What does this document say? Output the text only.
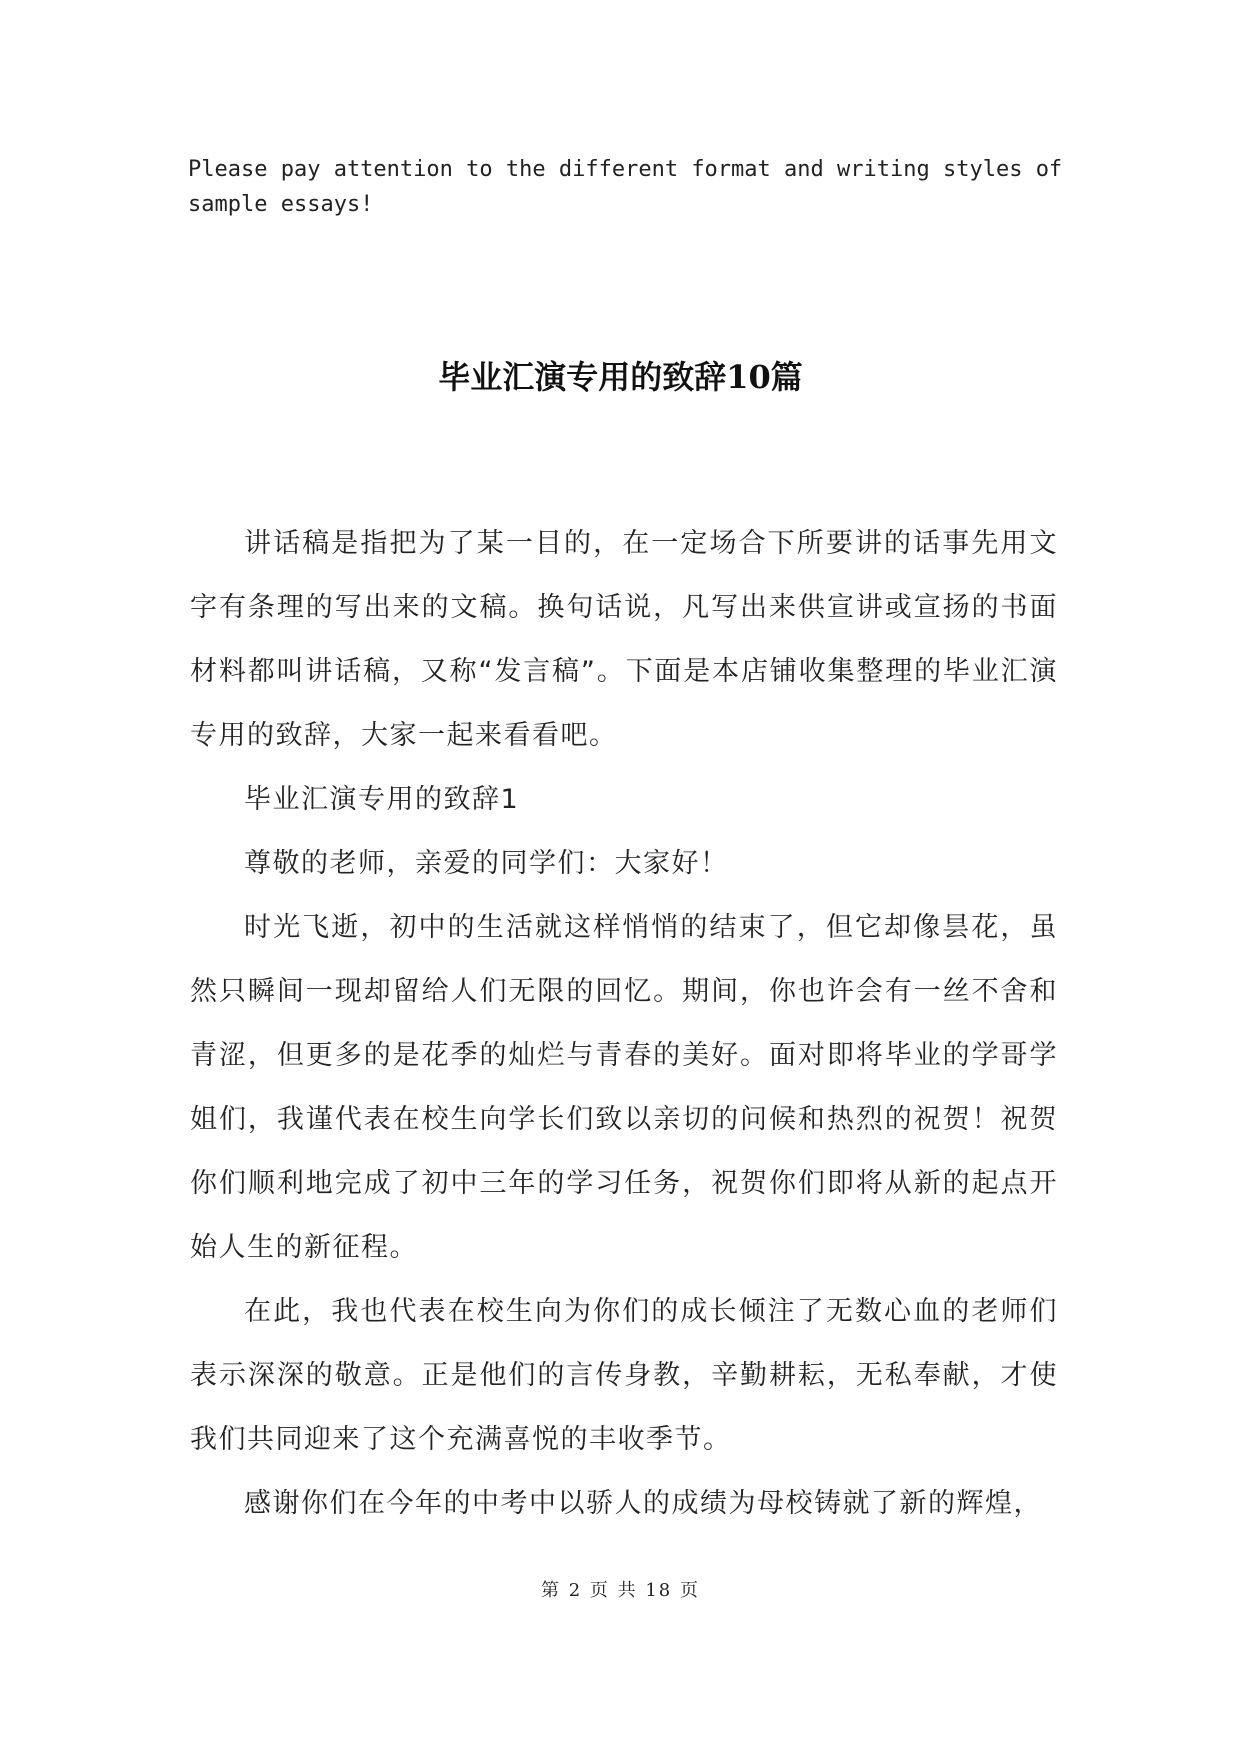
Please pay attention to the different format and writing styles of sample essays!

毕业汇演专用的致辞10篇

讲话稿是指把为了某一目的，在一定场合下所要讲的话事先用文字有条理的写出来的文稿。换句话说，凡写出来供宣讲或宣扬的书面材料都叫讲话稿，又称“发言稿”。下面是本店铺收集整理的毕业汇演专用的致辞，大家一起来看看吧。

毕业汇演专用的致辞1

尊敬的老师，亲爱的同学们：大家好！

时光飞逝，初中的生活就这样悄悄的结束了，但它却像昙花，虽然只瞬间一现却留给人们无限的回忆。期间，你也许会有一丝不舍和青涩，但更多的是花季的灿烂与青春的美好。面对即将毕业的学哥学姐们，我谨代表在校生向学长们致以亲切的问候和热烈的祝贺！祝贺你们顺利地完成了初中三年的学习任务，祝贺你们即将从新的起点开始人生的新征程。

在此，我也代表在校生向为你们的成长倾注了无数心血的老师们表示深深的敬意。正是他们的言传身教，辛勤耕耘，无私奉献，才使我们共同迎来了这个充满喜悦的丰收季节。

感谢你们在今年的中考中以骄人的成绩为母校铸就了新的辉煌，

第 2 页 共 18 页
